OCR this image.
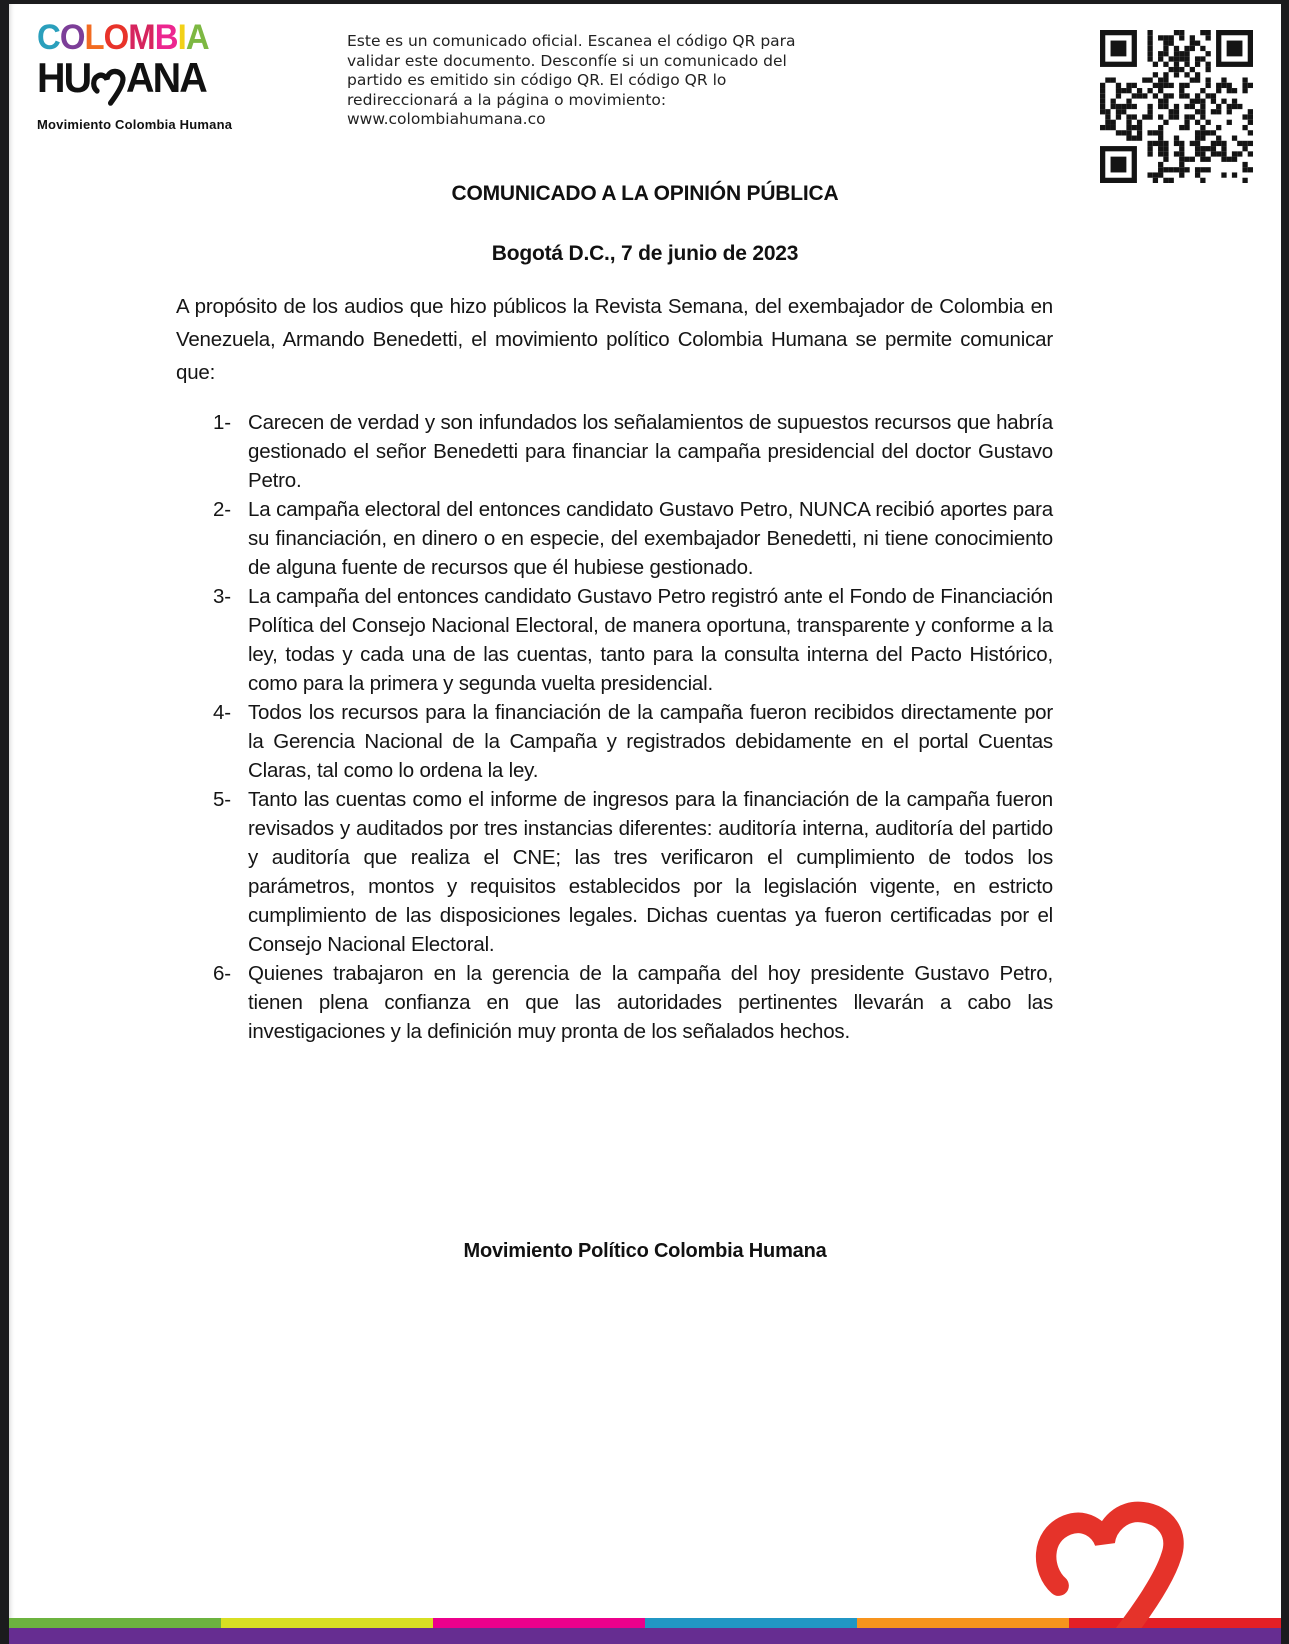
COLOMBIA
HU ANA
Movimiento Colombia Humana
Este es un comunicado oficial. Escanea el código QR para validar este documento. Desconfíe si un comunicado del partido es emitido sin código QR. El código QR lo redireccionará a la página o movimiento: www.colombiahumana.co
COMUNICADO A LA OPINIÓN PÚBLICA
Bogotá D.C., 7 de junio de 2023

A propósito de los audios que hizo públicos la Revista Semana, del exembajador de Colombia en Venezuela, Armando Benedetti, el movimiento político Colombia Humana se permite comunicar que:

1- Carecen de verdad y son infundados los señalamientos de supuestos recursos que habría gestionado el señor Benedetti para financiar la campaña presidencial del doctor Gustavo Petro.
2- La campaña electoral del entonces candidato Gustavo Petro, NUNCA recibió aportes para su financiación, en dinero o en especie, del exembajador Benedetti, ni tiene conocimiento de alguna fuente de recursos que él hubiese gestionado.
3- La campaña del entonces candidato Gustavo Petro registró ante el Fondo de Financiación Política del Consejo Nacional Electoral, de manera oportuna, transparente y conforme a la ley, todas y cada una de las cuentas, tanto para la consulta interna del Pacto Histórico, como para la primera y segunda vuelta presidencial.
4- Todos los recursos para la financiación de la campaña fueron recibidos directamente por la Gerencia Nacional de la Campaña y registrados debidamente en el portal Cuentas Claras, tal como lo ordena la ley.
5- Tanto las cuentas como el informe de ingresos para la financiación de la campaña fueron revisados y auditados por tres instancias diferentes: auditoría interna, auditoría del partido y auditoría que realiza el CNE; las tres verificaron el cumplimiento de todos los parámetros, montos y requisitos establecidos por la legislación vigente, en estricto cumplimiento de las disposiciones legales. Dichas cuentas ya fueron certificadas por el Consejo Nacional Electoral.
6- Quienes trabajaron en la gerencia de la campaña del hoy presidente Gustavo Petro, tienen plena confianza en que las autoridades pertinentes llevarán a cabo las investigaciones y la definición muy pronta de los señalados hechos.
Movimiento Político Colombia Humana
